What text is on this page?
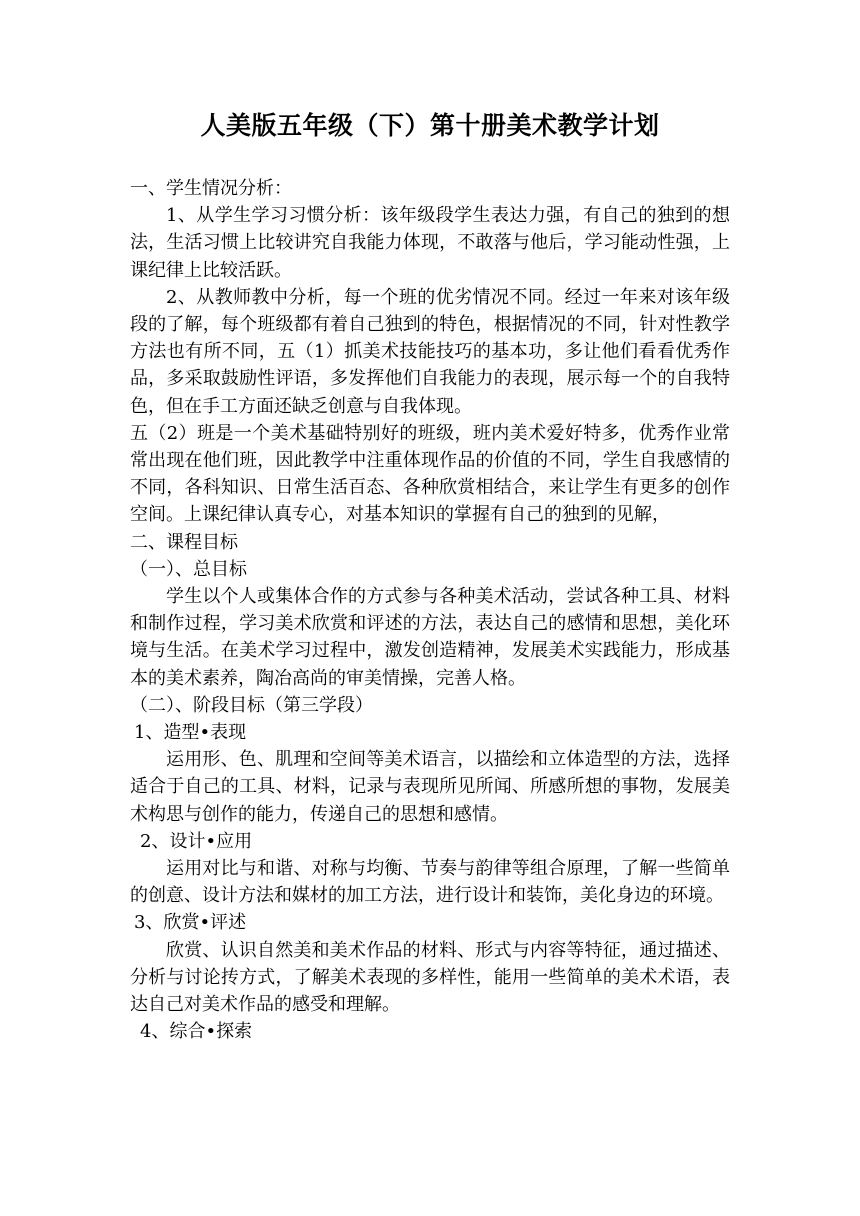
人美版五年级（下）第十册美术教学计划

一、学生情况分析：

1、从学生学习习惯分析：该年级段学生表达力强，有自己的独到的想法，生活习惯上比较讲究自我能力体现，不敢落与他后，学习能动性强，上课纪律上比较活跃。

2、从教师教中分析，每一个班的优劣情况不同。经过一年来对该年级段的了解，每个班级都有着自己独到的特色，根据情况的不同，针对性教学方法也有所不同，五（1）抓美术技能技巧的基本功，多让他们看看优秀作品，多采取鼓励性评语，多发挥他们自我能力的表现，展示每一个的自我特色，但在手工方面还缺乏创意与自我体现。

五（2）班是一个美术基础特别好的班级，班内美术爱好特多，优秀作业常常出现在他们班，因此教学中注重体现作品的价值的不同，学生自我感情的不同，各科知识、日常生活百态、各种欣赏相结合，来让学生有更多的创作空间。上课纪律认真专心，对基本知识的掌握有自己的独到的见解，

二、课程目标

（一）、总目标

学生以个人或集体合作的方式参与各种美术活动，尝试各种工具、材料和制作过程，学习美术欣赏和评述的方法，表达自己的感情和思想，美化环境与生活。在美术学习过程中，激发创造精神，发展美术实践能力，形成基本的美术素养，陶冶高尚的审美情操，完善人格。

（二）、阶段目标（第三学段）

1、造型•表现

运用形、色、肌理和空间等美术语言，以描绘和立体造型的方法，选择适合于自己的工具、材料，记录与表现所见所闻、所感所想的事物，发展美术构思与创作的能力，传递自己的思想和感情。

2、设计•应用

运用对比与和谐、对称与均衡、节奏与韵律等组合原理，了解一些简单的创意、设计方法和媒材的加工方法，进行设计和装饰，美化身边的环境。

3、欣赏•评述

欣赏、认识自然美和美术作品的材料、形式与内容等特征，通过描述、分析与讨论抟方式，了解美术表现的多样性，能用一些简单的美术术语，表达自己对美术作品的感受和理解。

4、综合•探索
